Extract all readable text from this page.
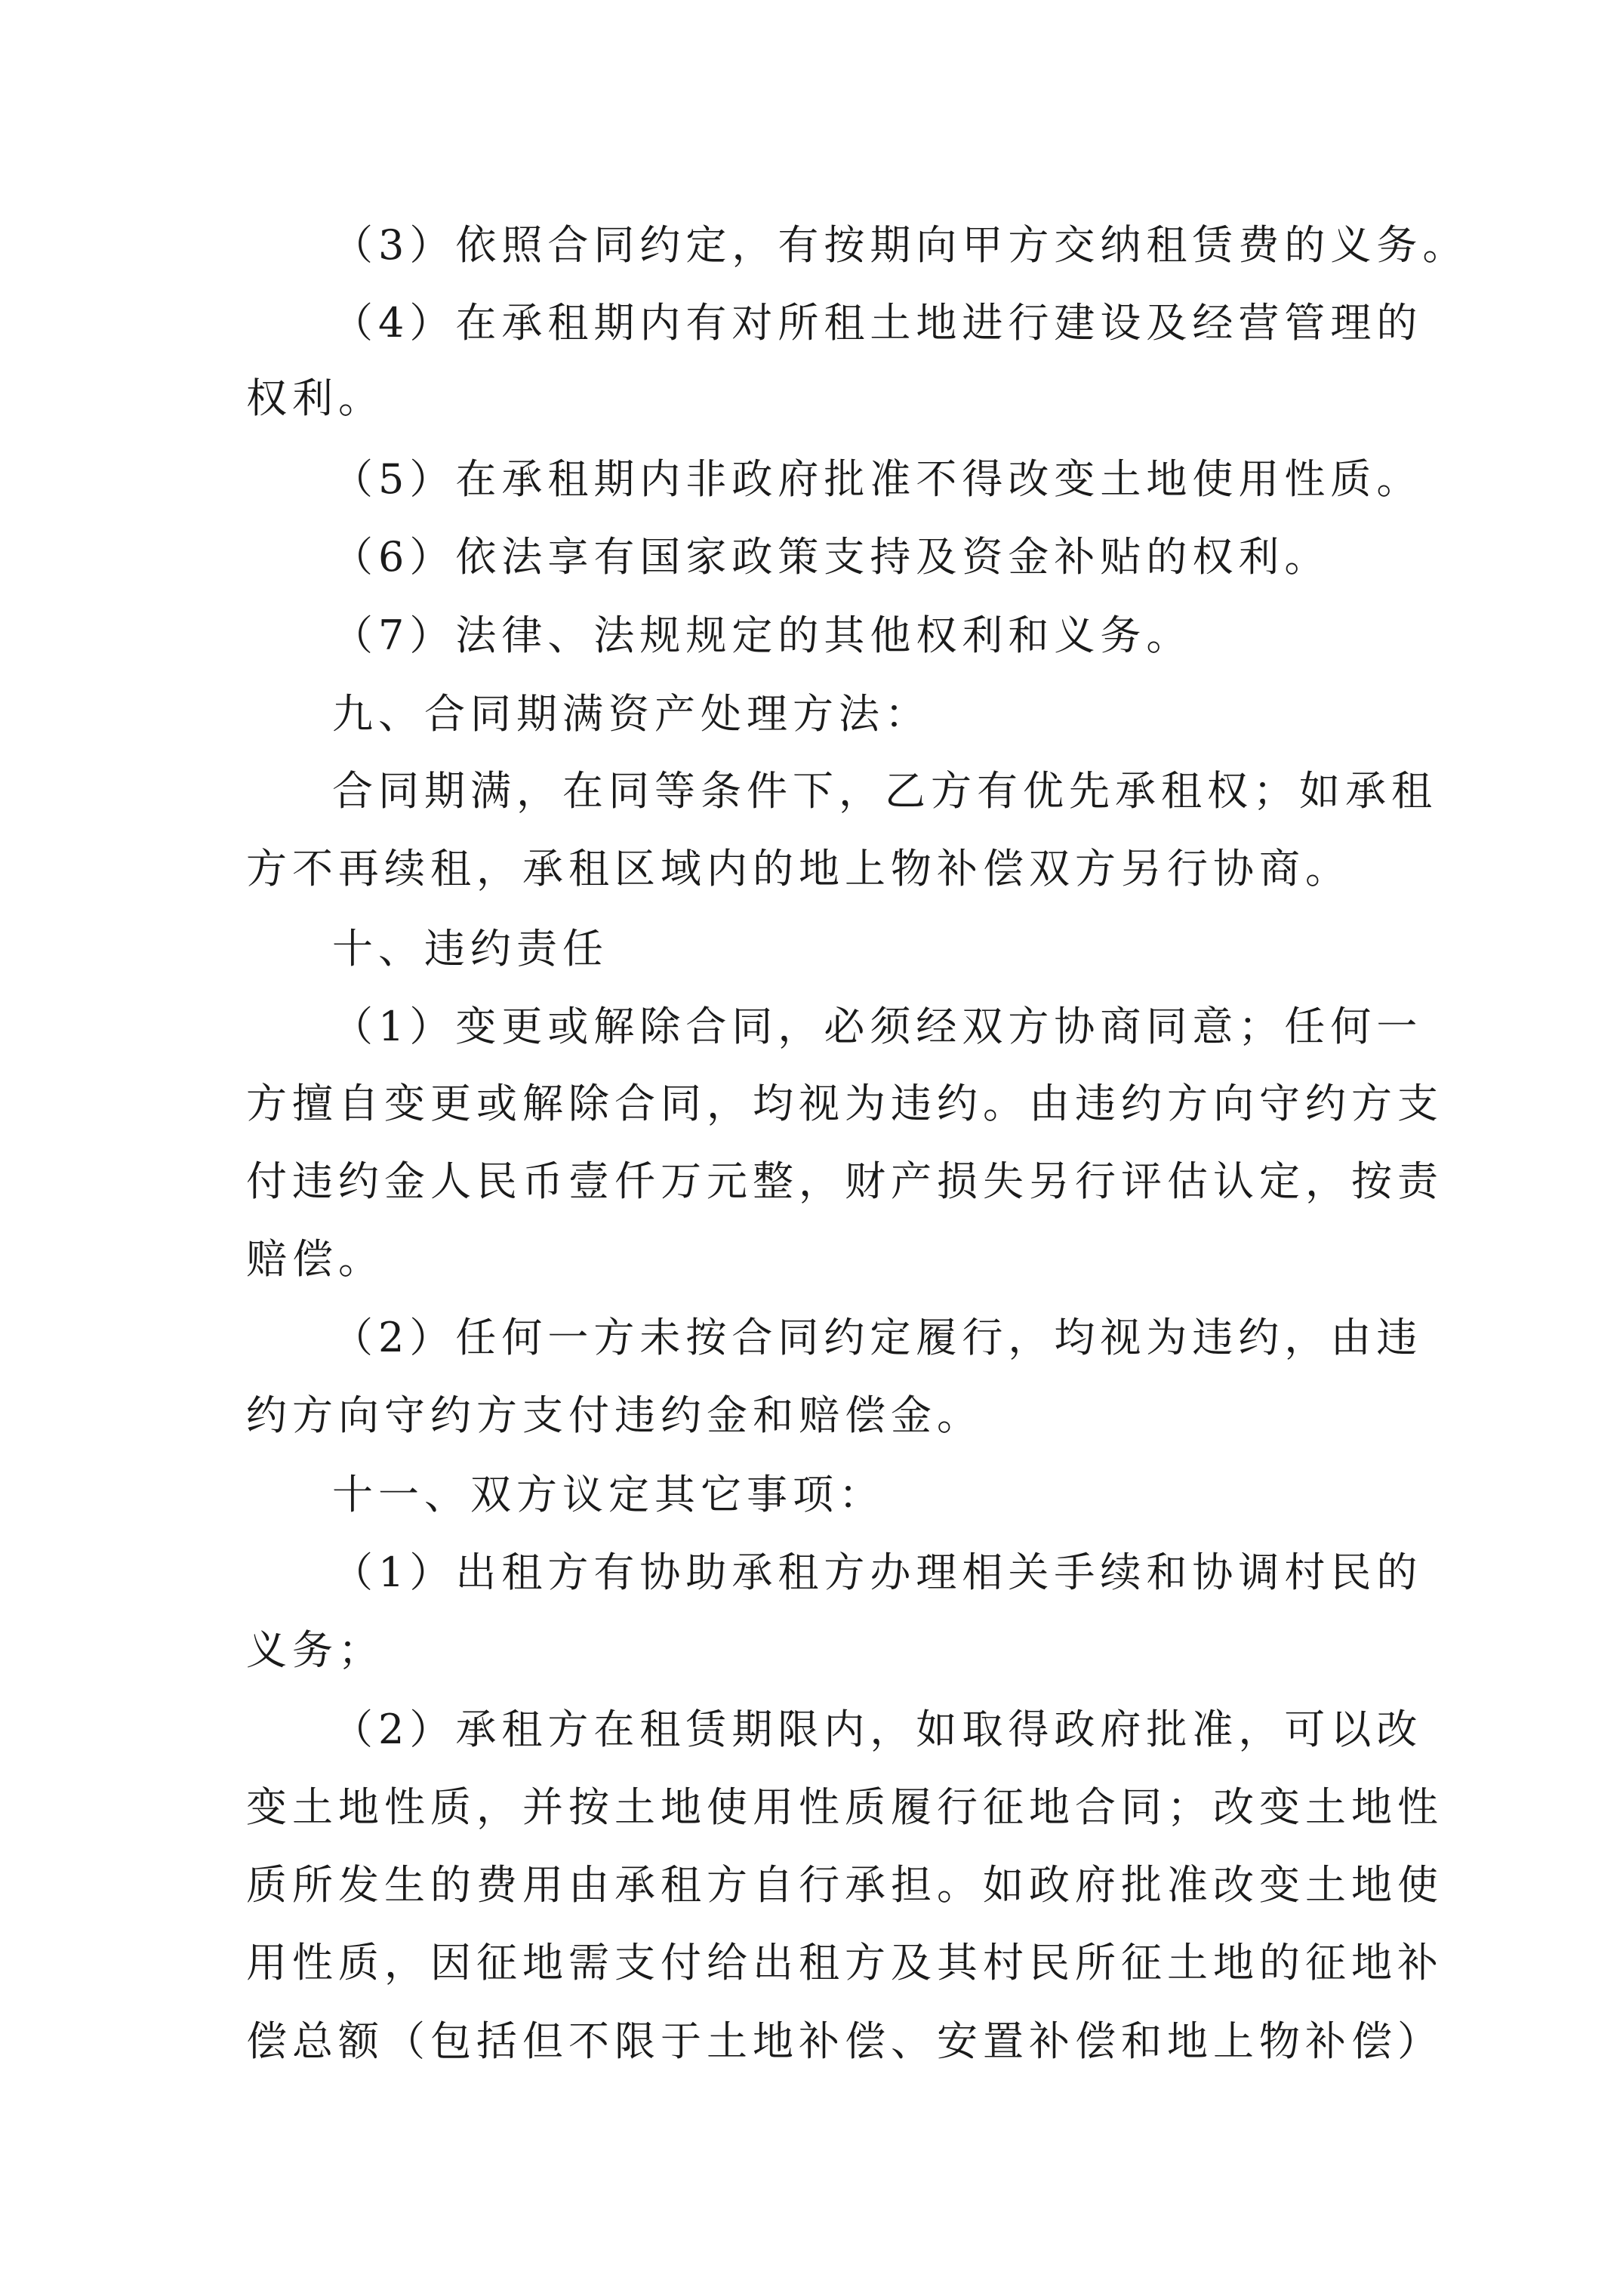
（3）依照合同约定，有按期向甲方交纳租赁费的义务。

（4）在承租期内有对所租土地进行建设及经营管理的

权利。

（5）在承租期内非政府批准不得改变土地使用性质。

（6）依法享有国家政策支持及资金补贴的权利。

（7）法律、法规规定的其他权利和义务。

九、合同期满资产处理方法：

合同期满，在同等条件下，乙方有优先承租权；如承租

方不再续租，承租区域内的地上物补偿双方另行协商。

十、违约责任

（1）变更或解除合同，必须经双方协商同意；任何一

方擅自变更或解除合同，均视为违约。由违约方向守约方支

付违约金人民币壹仟万元整，财产损失另行评估认定，按责

赔偿。

（2）任何一方未按合同约定履行，均视为违约，由违

约方向守约方支付违约金和赔偿金。

十一、双方议定其它事项：

（1）出租方有协助承租方办理相关手续和协调村民的

义务；

（2）承租方在租赁期限内，如取得政府批准，可以改

变土地性质，并按土地使用性质履行征地合同；改变土地性

质所发生的费用由承租方自行承担。如政府批准改变土地使

用性质，因征地需支付给出租方及其村民所征土地的征地补

偿总额（包括但不限于土地补偿、安置补偿和地上物补偿）
